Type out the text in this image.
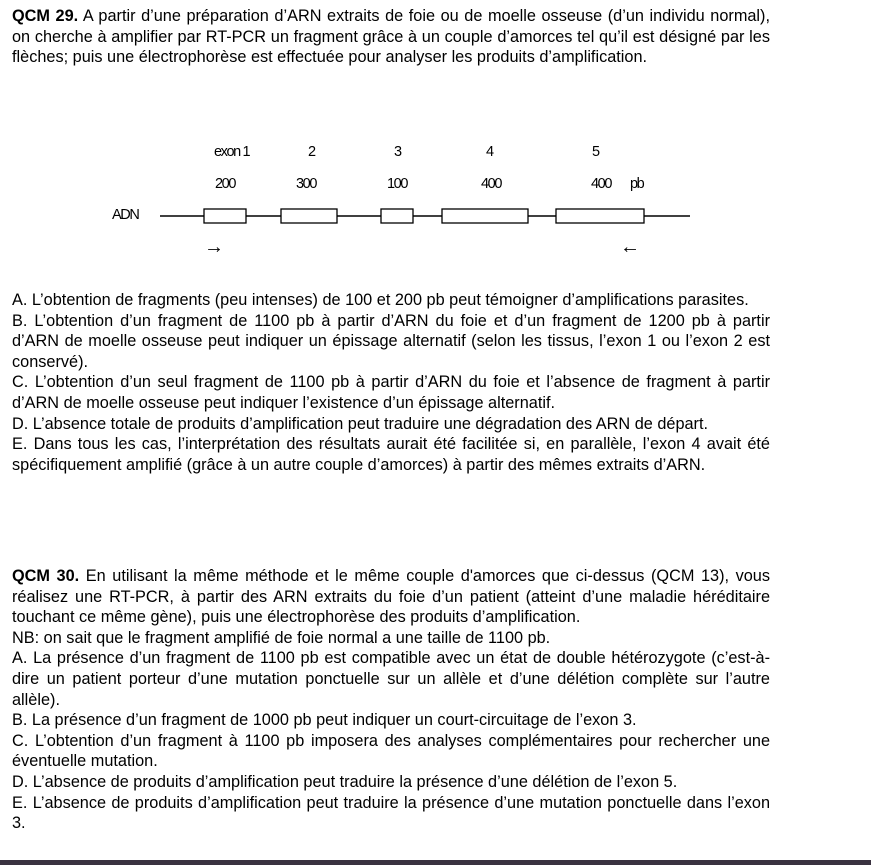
QCM 29. A partir d’une préparation d’ARN extraits de foie ou de moelle osseuse (d’un individu normal), on cherche à amplifier par RT-PCR un fragment grâce à un couple d’amorces tel qu’il est désigné par les flèches; puis une électrophorèse est effectuée pour analyser les produits d’amplification.
exon 1	2	3	4	5
200	300	100	400	400 pb
ADN
→	←
A. L’obtention de fragments (peu intenses) de 100 et 200 pb peut témoigner d’amplifications parasites.
B. L’obtention d’un fragment de 1100 pb à partir d’ARN du foie et d’un fragment de 1200 pb à partir d’ARN de moelle osseuse peut indiquer un épissage alternatif (selon les tissus, l’exon 1 ou l’exon 2 est conservé).
C. L’obtention d’un seul fragment de 1100 pb à partir d’ARN du foie et l’absence de fragment à partir d’ARN de moelle osseuse peut indiquer l’existence d’un épissage alternatif.
D. L’absence totale de produits d’amplification peut traduire une dégradation des ARN de départ.
E. Dans tous les cas, l’interprétation des résultats aurait été facilitée si, en parallèle, l’exon 4 avait été spécifiquement amplifié (grâce à un autre couple d’amorces) à partir des mêmes extraits d’ARN.
QCM 30. En utilisant la même méthode et le même couple d'amorces que ci-dessus (QCM 13), vous réalisez une RT-PCR, à partir des ARN extraits du foie d’un patient (atteint d’une maladie héréditaire touchant ce même gène), puis une électrophorèse des produits d’amplification.
NB: on sait que le fragment amplifié de foie normal a une taille de 1100 pb.
A. La présence d’un fragment de 1100 pb est compatible avec un état de double hétérozygote (c’est-à-dire un patient porteur d’une mutation ponctuelle sur un allèle et d’une délétion complète sur l’autre allèle).
B. La présence d’un fragment de 1000 pb peut indiquer un court-circuitage de l’exon 3.
C. L’obtention d’un fragment à 1100 pb imposera des analyses complémentaires pour rechercher une éventuelle mutation.
D. L’absence de produits d’amplification peut traduire la présence d’une délétion de l’exon 5.
E. L’absence de produits d’amplification peut traduire la présence d’une mutation ponctuelle dans l’exon 3.
